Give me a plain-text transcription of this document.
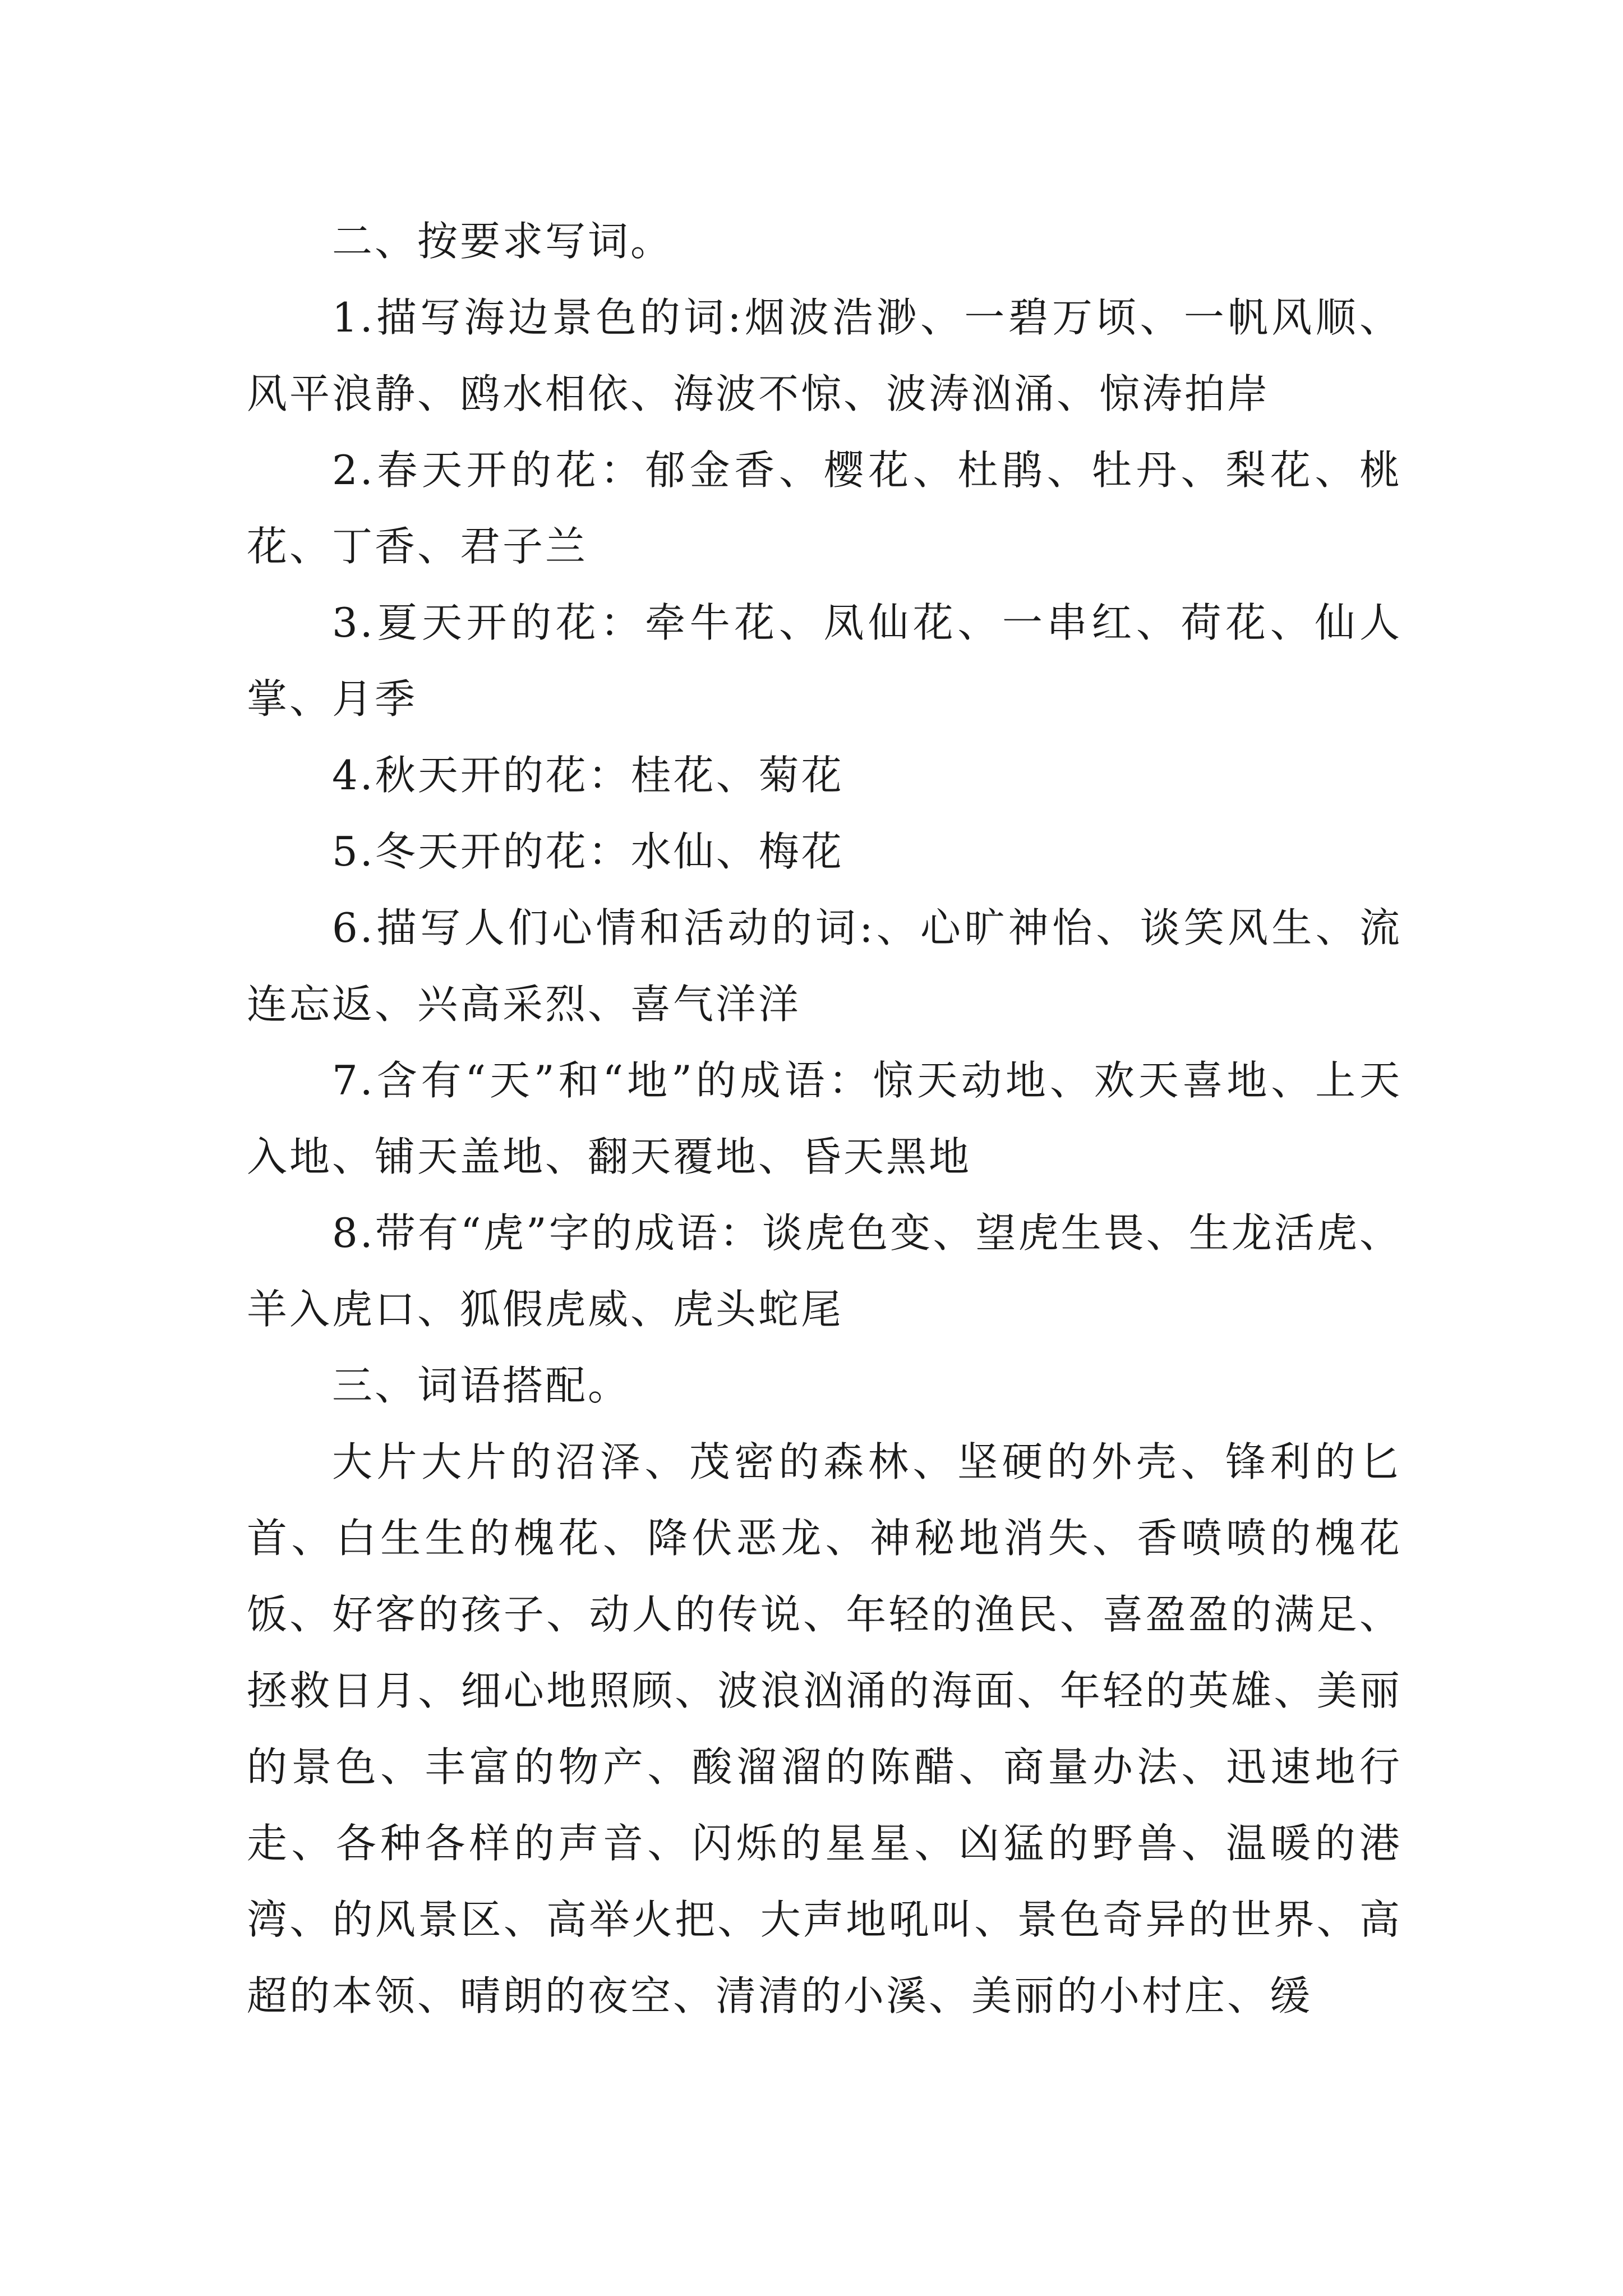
二、按要求写词。

1.描写海边景色的词:烟波浩渺、一碧万顷、一帆风顺、风平浪静、鸥水相依、海波不惊、波涛汹涌、惊涛拍岸

2.春天开的花：郁金香、樱花、杜鹃、牡丹、梨花、桃花、丁香、君子兰

3.夏天开的花：牵牛花、凤仙花、一串红、荷花、仙人掌、月季

4.秋天开的花：桂花、菊花

5.冬天开的花：水仙、梅花

6.描写人们心情和活动的词:、心旷神怡、谈笑风生、流连忘返、兴高采烈、喜气洋洋

7.含有“天”和“地”的成语：惊天动地、欢天喜地、上天入地、铺天盖地、翻天覆地、昏天黑地

8.带有“虎”字的成语：谈虎色变、望虎生畏、生龙活虎、羊入虎口、狐假虎威、虎头蛇尾

三、词语搭配。

大片大片的沼泽、茂密的森林、坚硬的外壳、锋利的匕首、白生生的槐花、降伏恶龙、神秘地消失、香喷喷的槐花饭、好客的孩子、动人的传说、年轻的渔民、喜盈盈的满足、拯救日月、细心地照顾、波浪汹涌的海面、年轻的英雄、美丽的景色、丰富的物产、酸溜溜的陈醋、商量办法、迅速地行走、各种各样的声音、闪烁的星星、凶猛的野兽、温暖的港湾、的风景区、高举火把、大声地吼叫、景色奇异的世界、高超的本领、晴朗的夜空、清清的小溪、美丽的小村庄、缓
